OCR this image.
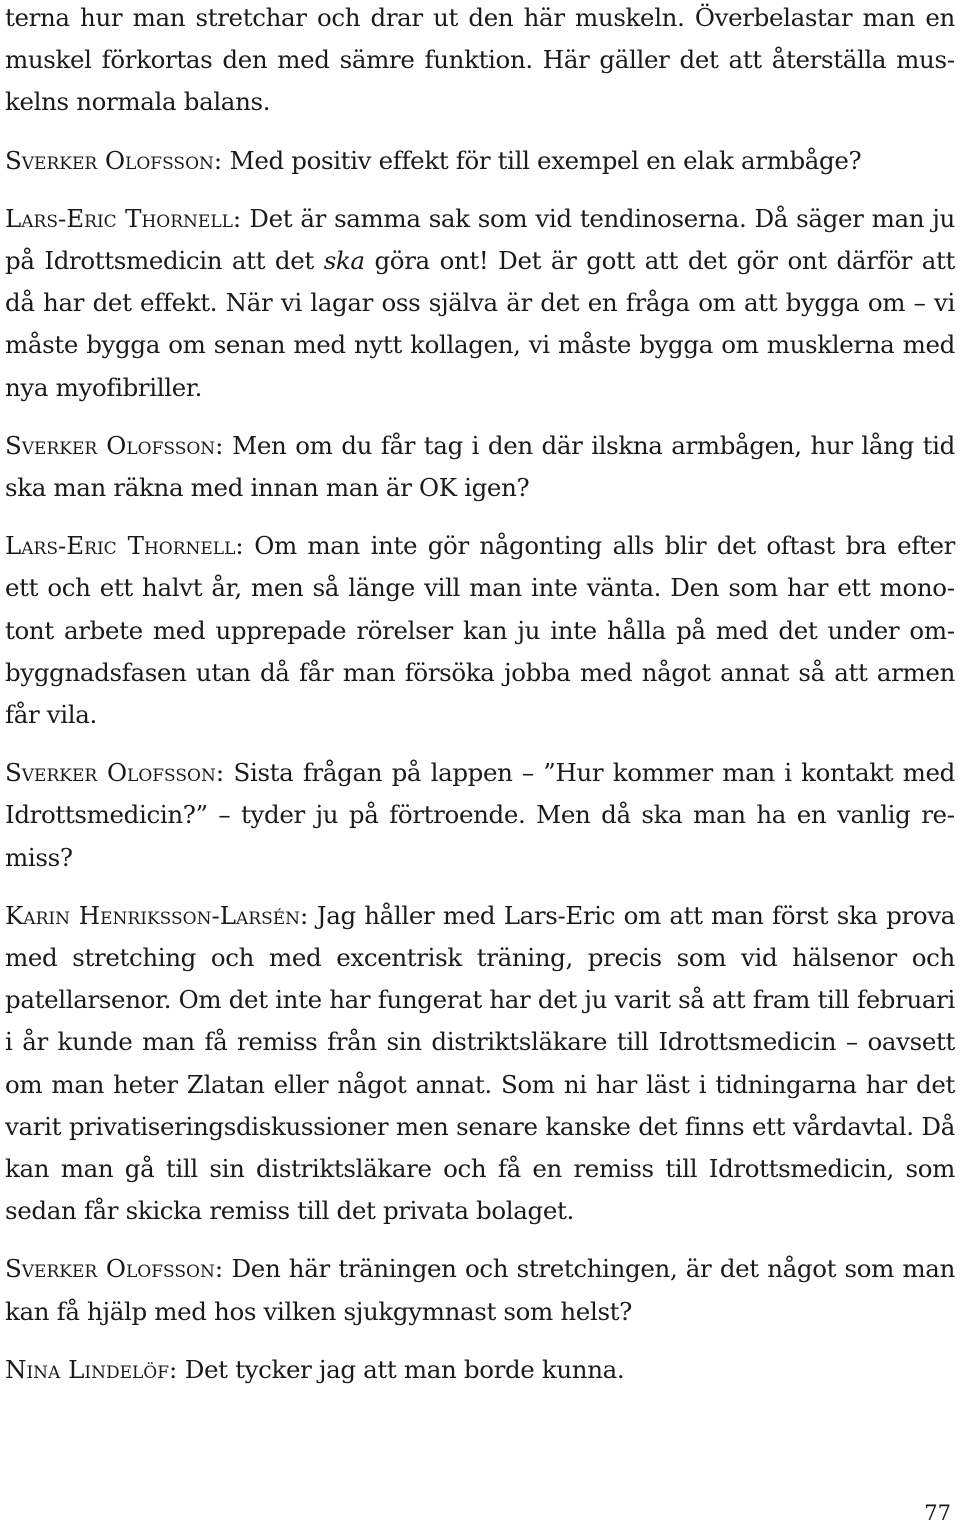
terna hur man stretchar och drar ut den här muskeln. Överbelastar man en muskel förkortas den med sämre funktion. Här gäller det att återställa muskelns normala balans.

Sverker Olofsson: Med positiv effekt för till exempel en elak armbåge?

Lars-Eric Thornell: Det är samma sak som vid tendinoserna. Då säger man ju på Idrottsmedicin att det ska göra ont! Det är gott att det gör ont därför att då har det effekt. När vi lagar oss själva är det en fråga om att bygga om – vi måste bygga om senan med nytt kollagen, vi måste bygga om musklerna med nya myofibriller.

Sverker Olofsson: Men om du får tag i den där ilskna armbågen, hur lång tid ska man räkna med innan man är OK igen?

Lars-Eric Thornell: Om man inte gör någonting alls blir det oftast bra efter ett och ett halvt år, men så länge vill man inte vänta. Den som har ett monotont arbete med upprepade rörelser kan ju inte hålla på med det under ombyggnadsfasen utan då får man försöka jobba med något annat så att armen får vila.

Sverker Olofsson: Sista frågan på lappen – ”Hur kommer man i kontakt med Idrottsmedicin?” – tyder ju på förtroende. Men då ska man ha en vanlig remiss?

Karin Henriksson-Larsén: Jag håller med Lars-Eric om att man först ska prova med stretching och med excentrisk träning, precis som vid hälsenor och patellarsenor. Om det inte har fungerat har det ju varit så att fram till februari i år kunde man få remiss från sin distriktsläkare till Idrottsmedicin – oavsett om man heter Zlatan eller något annat. Som ni har läst i tidningarna har det varit privatiseringsdiskussioner men senare kanske det finns ett vårdavtal. Då kan man gå till sin distriktsläkare och få en remiss till Idrottsmedicin, som sedan får skicka remiss till det privata bolaget.

Sverker Olofsson: Den här träningen och stretchingen, är det något som man kan få hjälp med hos vilken sjukgymnast som helst?

Nina Lindelöf: Det tycker jag att man borde kunna.

77
